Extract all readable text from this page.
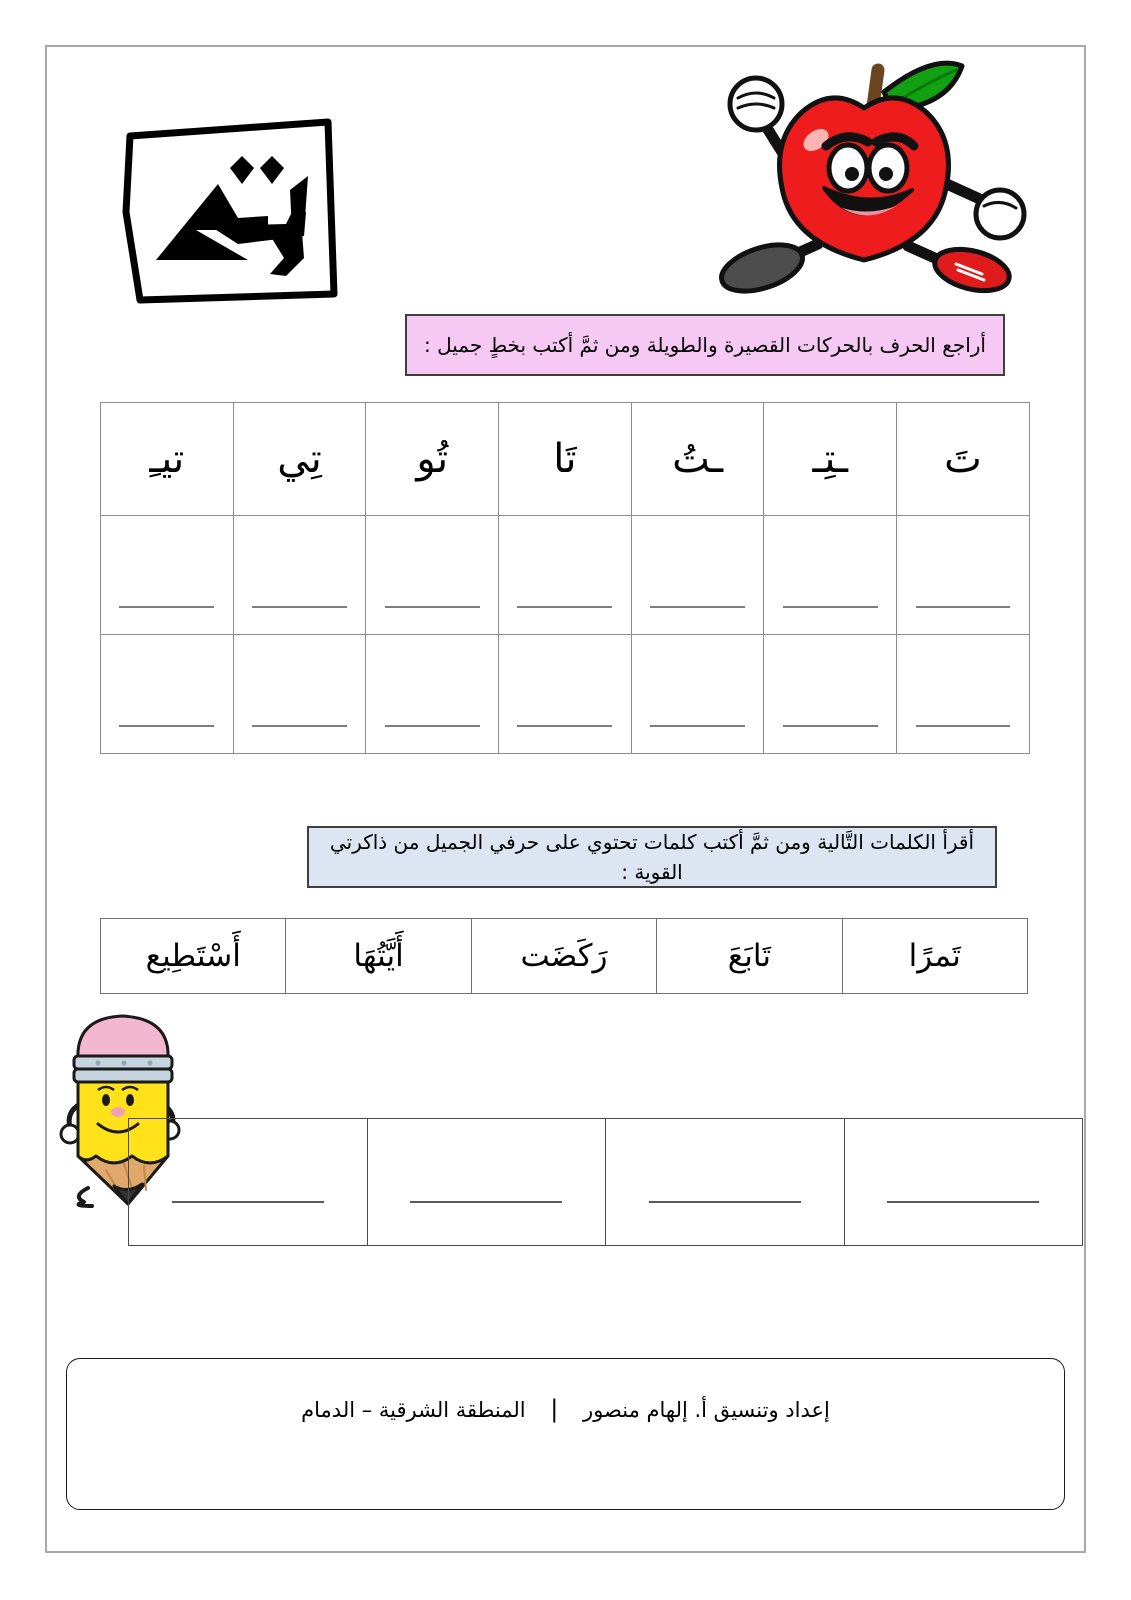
أراجع الحرف بالحركات القصيرة والطويلة ومن ثمَّ أكتب بخطٍ جميل :
تَ	ـتِـ	ـتُ	تَا	تُو	تِي	تيـِ

أقرأ الكلمات التَّالية ومن ثمَّ أكتب كلمات تحتوي على حرفي الجميل من ذاكرتي القوية :
تَمرًا	تَابَعَ	رَكَضَت	أَيَّتُهَا	أَسْتَطِيع

إعداد وتنسيق أ. إلهام منصور | المنطقة الشرقية – الدمام
